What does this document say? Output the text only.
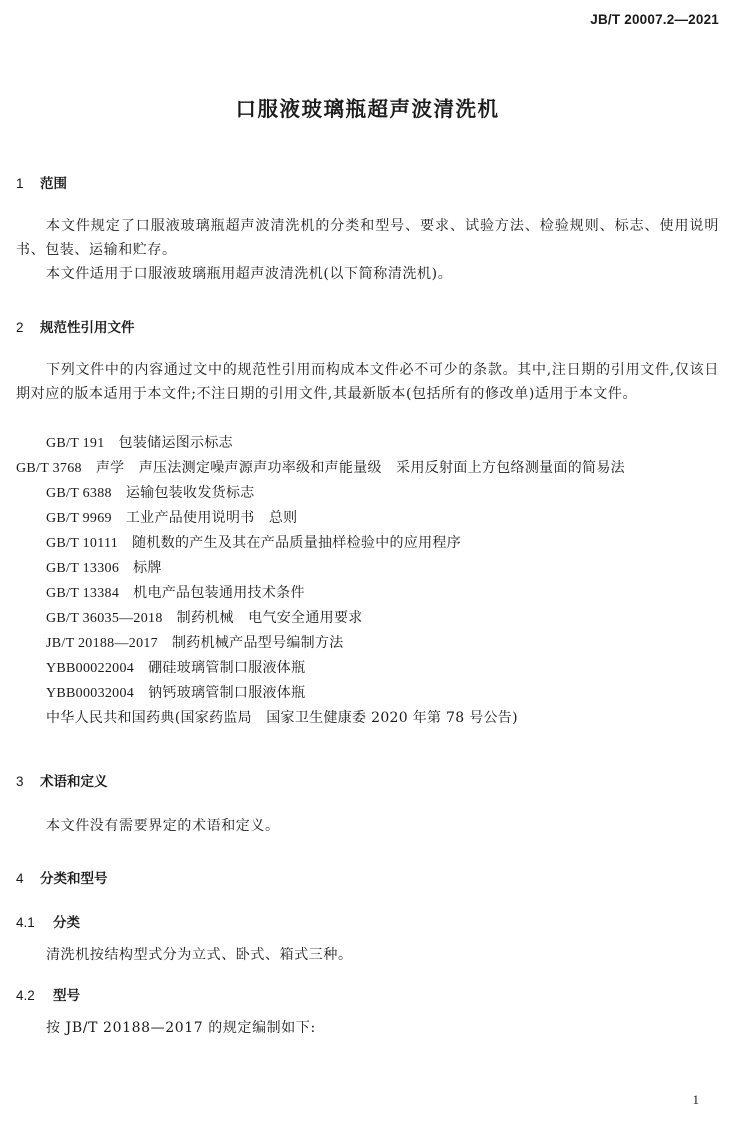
JB/T 20007.2—2021
口服液玻璃瓶超声波清洗机
1 范围
本文件规定了口服液玻璃瓶超声波清洗机的分类和型号、要求、试验方法、检验规则、标志、使用说明书、包装、运输和贮存。
本文件适用于口服液玻璃瓶用超声波清洗机(以下简称清洗机)。
2 规范性引用文件
下列文件中的内容通过文中的规范性引用而构成本文件必不可少的条款。其中,注日期的引用文件,仅该日期对应的版本适用于本文件;不注日期的引用文件,其最新版本(包括所有的修改单)适用于本文件。
GB/T 191 包装储运图示标志
GB/T 3768 声学　声压法测定噪声源声功率级和声能量级　采用反射面上方包络测量面的简易法
GB/T 6388 运输包装收发货标志
GB/T 9969 工业产品使用说明书　总则
GB/T 10111 随机数的产生及其在产品质量抽样检验中的应用程序
GB/T 13306 标牌
GB/T 13384 机电产品包装通用技术条件
GB/T 36035—2018 制药机械　电气安全通用要求
JB/T 20188—2017 制药机械产品型号编制方法
YBB00022004 硼硅玻璃管制口服液体瓶
YBB00032004 钠钙玻璃管制口服液体瓶
中华人民共和国药典(国家药监局　国家卫生健康委 2020 年第 78 号公告)
3 术语和定义
本文件没有需要界定的术语和定义。
4 分类和型号
4.1 分类
清洗机按结构型式分为立式、卧式、箱式三种。
4.2 型号
按 JB/T 20188—2017 的规定编制如下:
1
